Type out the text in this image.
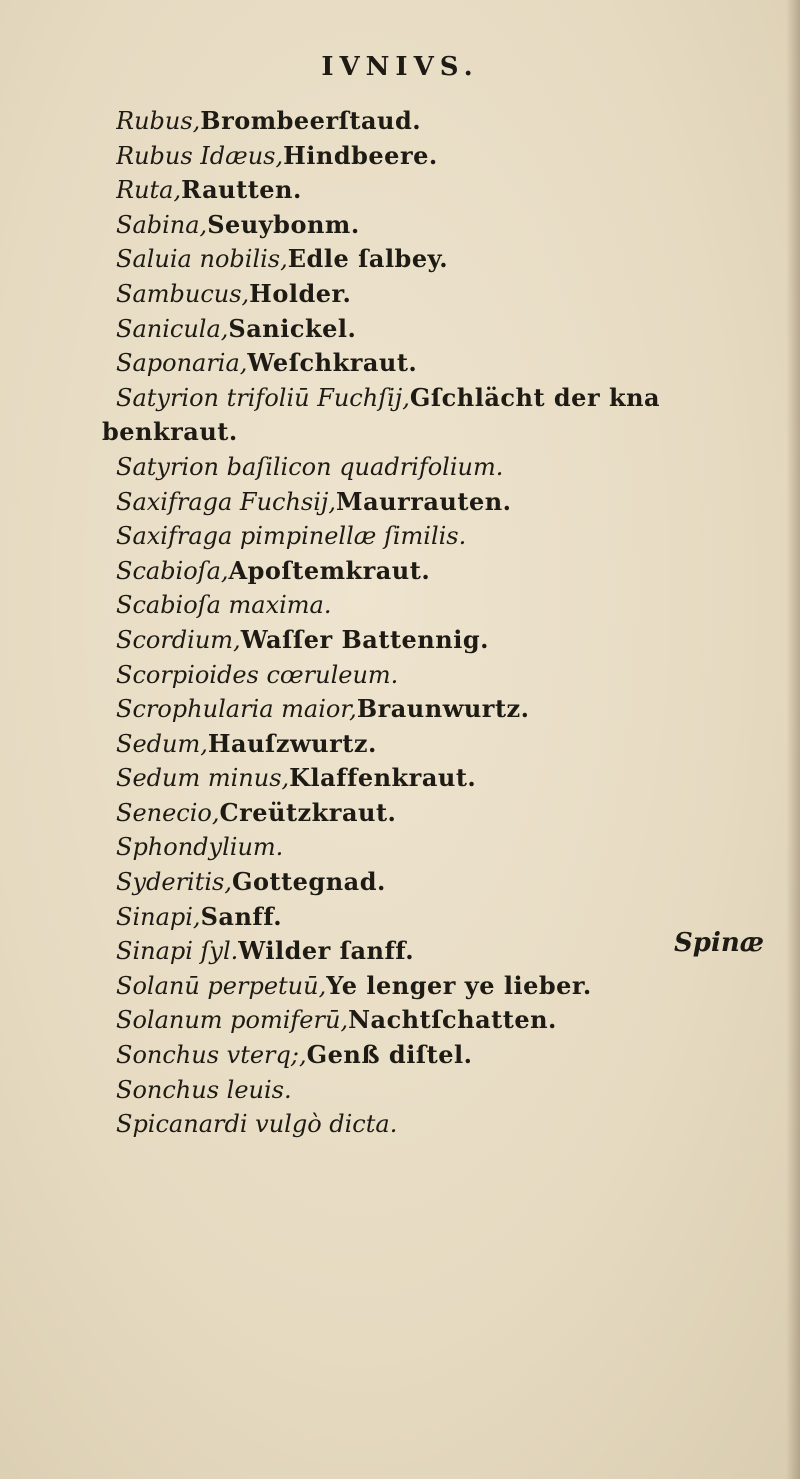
IVNIVS.
Rubus,Brombeerſtaud.
Rubus Idæus,Hindbeere.
Ruta,Rautten.
Sabina,Seuybonm.
Saluia nobilis,Edle ſalbey.
Sambucus,Holder.
Sanicula,Sanickel.
Saponaria,Weſchkraut.
Satyrion trifoliū Fuchſij,Gſchlächt der kna
benkraut.
Satyrion baſilicon quadrifolium.
Saxifraga Fuchsij,Maurrauten.
Saxifraga pimpinellæ ſimilis.
Scabioſa,Apoſtemkraut.
Scabioſa maxima.
Scordium,Waſſer Battennig.
Scorpioides cœruleum.
Scrophularia maior,Braunwurtz.
Sedum,Hauſzwurtz.
Sedum minus,Klaffenkraut.
Senecio,Creützkraut.
Sphondylium.
Syderitis,Gottegnad.
Sinapi,Sanff.
Sinapi ſyl.Wilder ſanff.
Solanū perpetuū,Ye lenger ye lieber.
Solanum pomiferū,Nachtſchatten.
Sonchus vterq;,Genß diſtel.
Sonchus leuis.
Spicanardi vulgò dicta.
Spinæ
